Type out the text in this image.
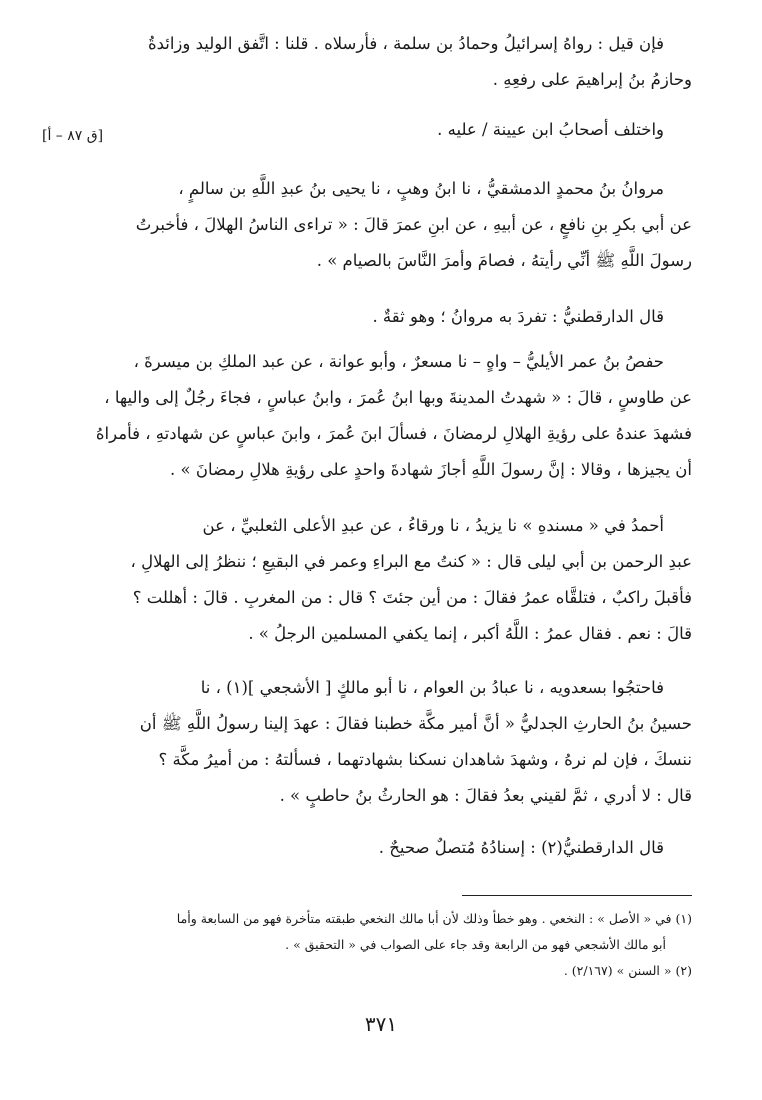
[ق ٨٧ – أ]
فإن قيل : رواهُ إسرائيلُ وحمادُ بن سلمة ، فأرسلاه . قلنا : اتَّفق الوليد وزائدةُ
وحازمُ بنُ إبراهيمَ على رفعِهِ .
واختلف أصحابُ ابن عيينة / عليه .
مروانُ بنُ محمدٍ الدمشقيُّ ، نا ابنُ وهبٍ ، نا يحيى بنُ عبدِ اللَّهِ بن سالمٍ ،
عن أبي بكرِ بنِ نافعٍ ، عن أبيهِ ، عن ابنِ عمرَ قالَ : « تراءى الناسُ الهلالَ ، فأخبرتُ
رسولَ اللَّهِ ﷺ أنِّي رأيتهُ ، فصامَ وأمرَ النَّاسَ بالصيام » .
قال الدارقطنيُّ : تفردَ به مروانُ ؛ وهو ثقةٌ .
حفصُ بنُ عمر الأيليُّ – واهٍ – نا مسعرٌ ، وأبو عوانة ، عن عبد الملكِ بن ميسرةَ ،
عن طاوسٍ ، قالَ : « شهدتُ المدينةَ وبها ابنُ عُمرَ ، وابنُ عباسٍ ، فجاءَ رجُلٌ إلى واليها ،
فشهدَ عندهُ على رؤيةِ الهلالِ لرمضانَ ، فسألَ ابنَ عُمرَ ، وابنَ عباسٍ عن شهادتهِ ، فأمراهُ
أن يجيزها ، وقالا : إنَّ رسولَ اللَّهِ أجازَ شهادةَ واحدٍ على رؤيةِ هلالِ رمضانَ » .
أحمدُ في « مسندهِ » نا يزيدُ ، نا ورقاءُ ، عن عبدِ الأعلى الثعلبيِّ ، عن
عبدِ الرحمن بن أبي ليلى قال : « كنتُ مع البراءِ وعمر في البقيعِ ؛ ننظرُ إلى الهلالِ ،
فأقبلَ راكبٌ ، فتلقَّاه عمرُ فقالَ : من أين جئتَ ؟ قال : من المغربِ . قالَ : أهللت ؟
قالَ : نعم . فقال عمرُ : اللَّهُ أكبر ، إنما يكفي المسلمين الرجلُ » .
فاحتجُوا بسعدويه ، نا عبادُ بن العوام ، نا أبو مالكٍ [ الأشجعي ](١) ، نا
حسينُ بنُ الحارثِ الجدليُّ « أنَّ أمير مكَّة خطبنا فقالَ : عهدَ إلينا رسولُ اللَّهِ ﷺ أن
ننسكَ ، فإن لم نرهُ ، وشهدَ شاهدان نسكنا بشهادتهما ، فسألتهُ : من أميرُ مكَّة ؟
قال : لا أدري ، ثمَّ لقيني بعدُ فقالَ : هو الحارثُ بنُ حاطبٍ » .
قال الدارقطنيُّ(٢) : إسنادُهُ مُتصلٌ صحيحٌ .
(١) في « الأصل » : النخعي . وهو خطأ وذلك لأن أبا مالك النخعي طبقته متأخرة فهو من السابعة وأما
أبو مالك الأشجعي فهو من الرابعة وقد جاء على الصواب في « التحقيق » .
(٢) « السنن » (٢/١٦٧) .
٣٧١
